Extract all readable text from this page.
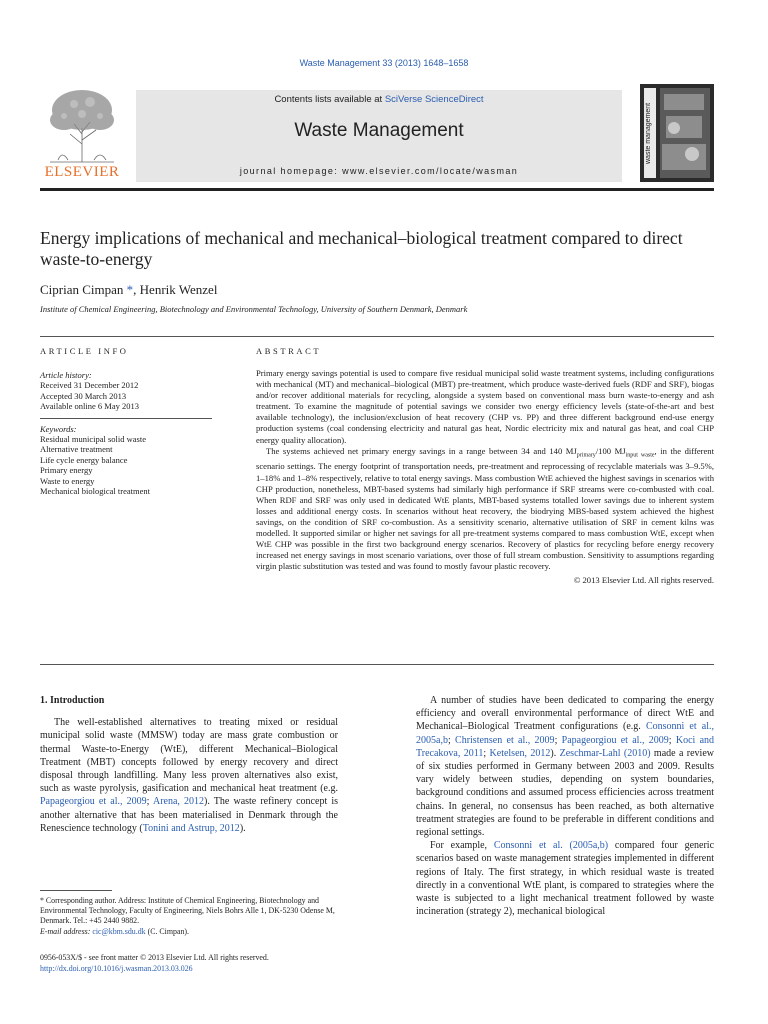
Waste Management 33 (2013) 1648–1658
ELSEVIER
Contents lists available at SciVerse ScienceDirect
Waste Management
journal homepage: www.elsevier.com/locate/wasman
waste management
Energy implications of mechanical and mechanical–biological treatment compared to direct waste-to-energy
Ciprian Cimpan *, Henrik Wenzel
Institute of Chemical Engineering, Biotechnology and Environmental Technology, University of Southern Denmark, Denmark
ARTICLE INFO	ABSTRACT
Article history:
Received 31 December 2012
Accepted 30 March 2013
Available online 6 May 2013
Keywords:
Residual municipal solid waste
Alternative treatment
Life cycle energy balance
Primary energy
Waste to energy
Mechanical biological treatment

Primary energy savings potential is used to compare five residual municipal solid waste treatment systems, including configurations with mechanical (MT) and mechanical–biological (MBT) pre-treatment, which produce waste-derived fuels (RDF and SRF), biogas and/or recover additional materials for recycling, alongside a system based on conventional mass burn waste-to-energy and ash treatment. To examine the magnitude of potential savings we consider two energy efficiency levels (state-of-the-art and best available technology), the inclusion/exclusion of heat recovery (CHP vs. PP) and three different background end-use energy production systems (coal condensing electricity and natural gas heat, Nordic electricity mix and natural gas heat, and coal CHP energy quality allocation).

The systems achieved net primary energy savings in a range between 34 and 140 $MJ_{primary}/100$ $MJ_{input waste}$, in the different scenario settings. The energy footprint of transportation needs, pre-treatment and reprocessing of recyclable materials was 3–9.5%, 1–18% and 1–8% respectively, relative to total energy savings. Mass combustion WtE achieved the highest savings in scenarios with CHP production, nonetheless, MBT-based systems had similarly high performance if SRF streams were co-combusted with coal. When RDF and SRF was only used in dedicated WtE plants, MBT-based systems totalled lower savings due to inherent system losses and additional energy costs. In scenarios without heat recovery, the biodrying MBS-based system achieved the highest savings, on the condition of SRF co-combustion. As a sensitivity scenario, alternative utilisation of SRF in cement kilns was modelled. It supported similar or higher net savings for all pre-treatment systems compared to mass combustion WtE, except when WtE CHP was possible in the first two background energy scenarios. Recovery of plastics for recycling before energy recovery increased net energy savings in most scenario variations, over those of full stream combustion. Sensitivity to assumptions regarding virgin plastic substitution was tested and was found to mostly favour plastic recovery.

© 2013 Elsevier Ltd. All rights reserved.
1. Introduction

The well-established alternatives to treating mixed or residual municipal solid waste (MMSW) today are mass grate combustion or thermal Waste-to-Energy (WtE), different Mechanical–Biological Treatment (MBT) concepts followed by energy recovery and direct disposal through landfilling. Many less proven alternatives also exist, such as waste pyrolysis, gasification and mechanical heat treatment (e.g. Papageorgiou et al., 2009; Arena, 2012). The waste refinery concept is another alternative that has been materialised in Denmark through the Renescience technology (Tonini and Astrup, 2012).

A number of studies have been dedicated to comparing the energy efficiency and overall environmental performance of direct WtE and Mechanical–Biological Treatment configurations (e.g. Consonni et al., 2005a,b; Christensen et al., 2009; Papageorgiou et al., 2009; Koci and Trecakova, 2011; Ketelsen, 2012). Zeschmar-Lahl (2010) made a review of six studies performed in Germany between 2003 and 2009. Results vary widely between studies, depending on system boundaries, background conditions and assumed process efficiencies across treatment chains. In general, no consensus has been reached, as both alternative treatment strategies are found to be preferable in different conditions and regional settings.

For example, Consonni et al. (2005a,b) compared four generic scenarios based on waste management strategies implemented in different regions of Italy. The first strategy, in which residual waste is treated directly in a conventional WtE plant, is compared to strategies where the waste is subjected to a light mechanical treatment followed by waste incineration (strategy 2), mechanical biological

* Corresponding author. Address: Institute of Chemical Engineering, Biotechnology and Environmental Technology, Faculty of Engineering, Niels Bohrs Alle 1, DK-5230 Odense M, Denmark. Tel.: +45 2440 9882.
E-mail address: cic@kbm.sdu.dk (C. Cimpan).
0956-053X/$ - see front matter © 2013 Elsevier Ltd. All rights reserved.
http://dx.doi.org/10.1016/j.wasman.2013.03.026
